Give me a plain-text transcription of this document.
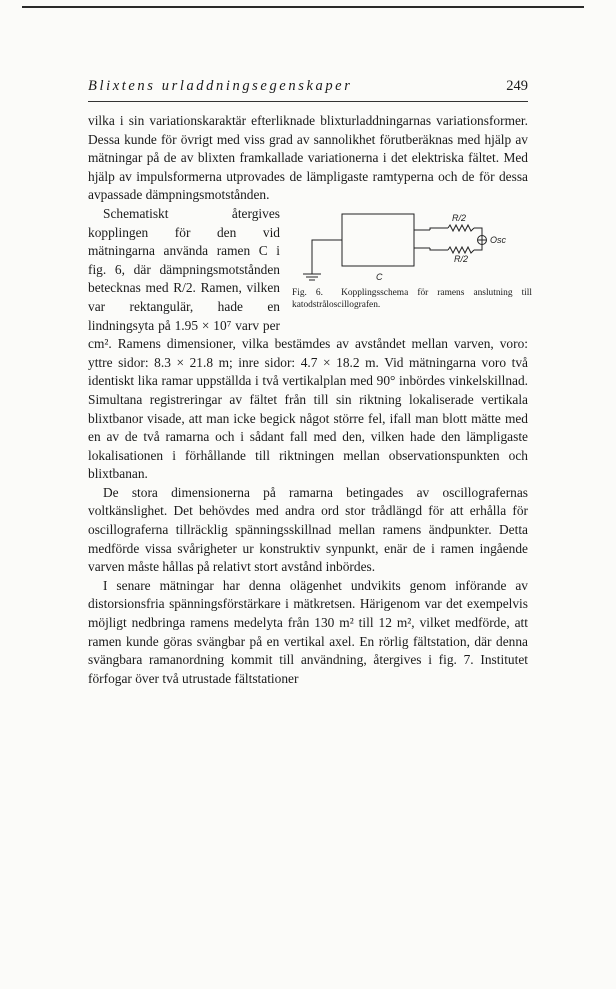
Blixtens urladdningsegenskaper	249

vilka i sin variationskaraktär efterliknade blixturladdningarnas variationsformer. Dessa kunde för övrigt med viss grad av sannolikhet förutberäknas med hjälp av mätningar på de av blixten framkallade variationerna i det elektriska fältet. Med hjälp av impulsformerna utprovades de lämpligaste ramtyperna och de för dessa avpassade dämpningsmotstånden.

R/2
R/2
Osc
C
Fig. 6. Kopplingsschema för ramens anslutning till katodstråloscillografen.

Schematiskt återgives kopplingen för den vid mätningarna använda ramen C i fig. 6, där dämpningsmotstånden betecknas med R/2. Ramen, vilken var rektangulär, hade en lindningsyta på 1.95 × 10⁷ varv per cm². Ramens dimensioner, vilka bestämdes av avståndet mellan varven, voro: yttre sidor: 8.3 × 21.8 m; inre sidor: 4.7 × 18.2 m. Vid mätningarna voro två identiskt lika ramar uppställda i två vertikalplan med 90° inbördes vinkelskillnad. Simultana registreringar av fältet från till sin riktning lokaliserade vertikala blixtbanor visade, att man icke begick något större fel, ifall man blott mätte med en av de två ramarna och i sådant fall med den, vilken hade den lämpligaste lokalisationen i förhållande till riktningen mellan observationspunkten och blixtbanan.

De stora dimensionerna på ramarna betingades av oscillografernas voltkänslighet. Det behövdes med andra ord stor trådlängd för att erhålla för oscillograferna tillräcklig spänningsskillnad mellan ramens ändpunkter. Detta medförde vissa svårigheter ur konstruktiv synpunkt, enär de i ramen ingående varven måste hållas på relativt stort avstånd inbördes.

I senare mätningar har denna olägenhet undvikits genom införande av distorsionsfria spänningsförstärkare i mätkretsen. Härigenom var det exempelvis möjligt nedbringa ramens medelyta från 130 m² till 12 m², vilket medförde, att ramen kunde göras svängbar på en vertikal axel. En rörlig fältstation, där denna svängbara ramanordning kommit till användning, återgives i fig. 7. Institutet förfogar över två utrustade fältstationer
